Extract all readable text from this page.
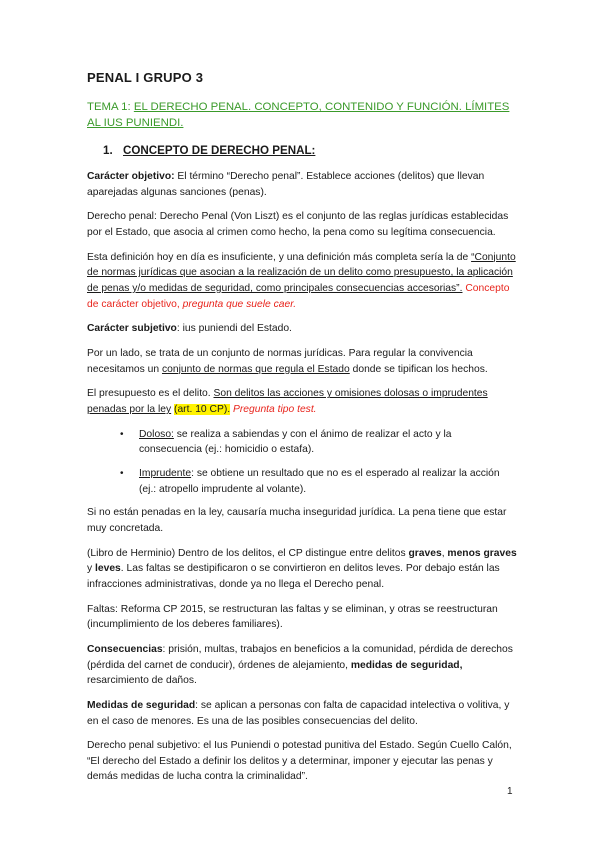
PENAL I GRUPO 3
TEMA 1: EL DERECHO PENAL. CONCEPTO, CONTENIDO Y FUNCIÓN. LÍMITES AL IUS PUNIENDI.
1. CONCEPTO DE DERECHO PENAL:

Carácter objetivo: El término “Derecho penal”. Establece acciones (delitos) que llevan aparejadas algunas sanciones (penas).

Derecho penal: Derecho Penal (Von Liszt) es el conjunto de las reglas jurídicas establecidas por el Estado, que asocia al crimen como hecho, la pena como su legítima consecuencia.

Esta definición hoy en día es insuficiente, y una definición más completa sería la de “Conjunto de normas jurídicas que asocian a la realización de un delito como presupuesto, la aplicación de penas y/o medidas de seguridad, como principales consecuencias accesorias”. Concepto de carácter objetivo, pregunta que suele caer.

Carácter subjetivo: ius puniendi del Estado.

Por un lado, se trata de un conjunto de normas jurídicas. Para regular la convivencia necesitamos un conjunto de normas que regula el Estado donde se tipifican los hechos.

El presupuesto es el delito. Son delitos las acciones y omisiones dolosas o imprudentes penadas por la ley (art. 10 CP). Pregunta tipo test.

• Doloso: se realiza a sabiendas y con el ánimo de realizar el acto y la consecuencia (ej.: homicidio o estafa).
• Imprudente: se obtiene un resultado que no es el esperado al realizar la acción (ej.: atropello imprudente al volante).

Si no están penadas en la ley, causaría mucha inseguridad jurídica. La pena tiene que estar muy concretada.

(Libro de Herminio) Dentro de los delitos, el CP distingue entre delitos graves, menos graves y leves. Las faltas se destipificaron o se convirtieron en delitos leves. Por debajo están las infracciones administrativas, donde ya no llega el Derecho penal.

Faltas: Reforma CP 2015, se restructuran las faltas y se eliminan, y otras se reestructuran (incumplimiento de los deberes familiares).

Consecuencias: prisión, multas, trabajos en beneficios a la comunidad, pérdida de derechos (pérdida del carnet de conducir), órdenes de alejamiento, medidas de seguridad, resarcimiento de daños.

Medidas de seguridad: se aplican a personas con falta de capacidad intelectiva o volitiva, y en el caso de menores. Es una de las posibles consecuencias del delito.

Derecho penal subjetivo: el Ius Puniendi o potestad punitiva del Estado. Según Cuello Calón, “El derecho del Estado a definir los delitos y a determinar, imponer y ejecutar las penas y demás medidas de lucha contra la criminalidad”.

1
